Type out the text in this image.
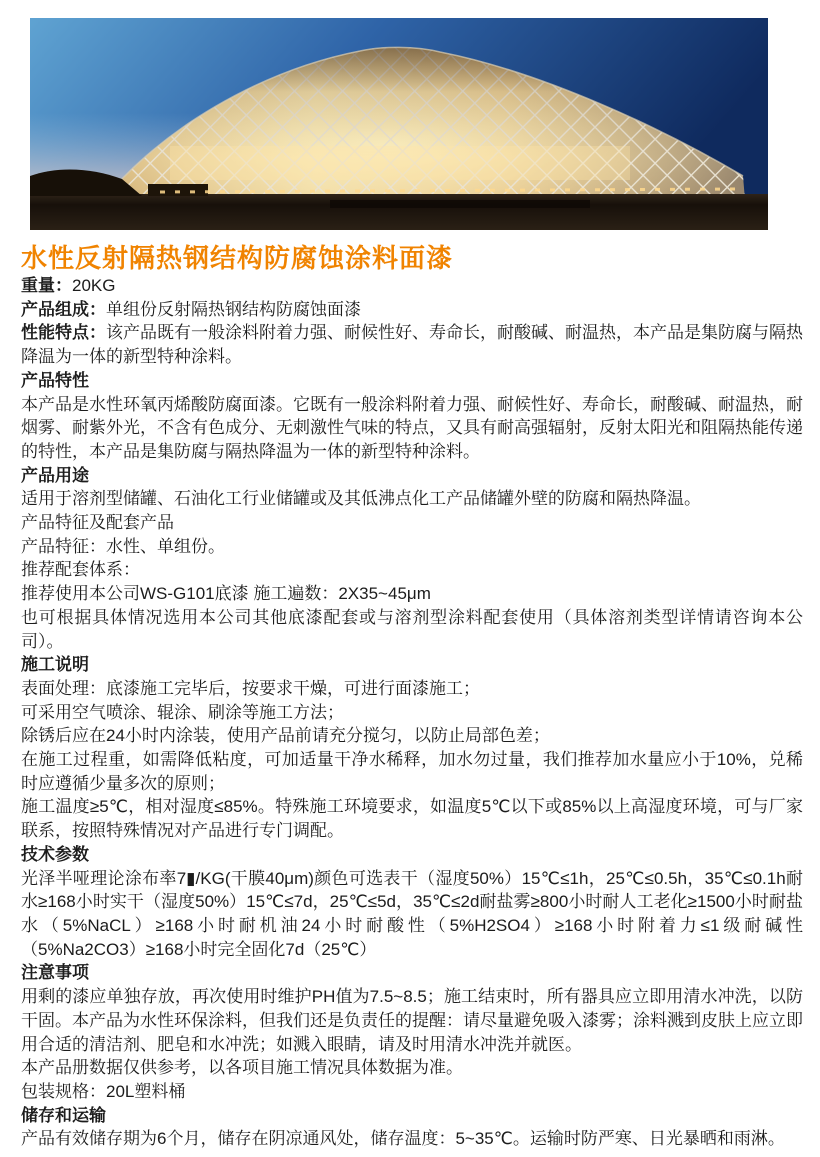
水性反射隔热钢结构防腐蚀涂料面漆

重量：20KG

产品组成：单组份反射隔热钢结构防腐蚀面漆

性能特点：该产品既有一般涂料附着力强、耐候性好、寿命长，耐酸碱、耐温热，本产品是集防腐与隔热降温为一体的新型特种涂料。

产品特性

本产品是水性环氧丙烯酸防腐面漆。它既有一般涂料附着力强、耐候性好、寿命长，耐酸碱、耐温热，耐烟雾、耐紫外光，不含有色成分、无刺激性气味的特点，又具有耐高强辐射，反射太阳光和阻隔热能传递的特性，本产品是集防腐与隔热降温为一体的新型特种涂料。

产品用途

适用于溶剂型储罐、石油化工行业储罐或及其低沸点化工产品储罐外壁的防腐和隔热降温。

产品特征及配套产品

产品特征：水性、单组份。

推荐配套体系：

推荐使用本公司WS-G101底漆 施工遍数：2X35~45μm

也可根据具体情况选用本公司其他底漆配套或与溶剂型涂料配套使用（具体溶剂类型详情请咨询本公司）。

施工说明

表面处理：底漆施工完毕后，按要求干燥，可进行面漆施工；

可采用空气喷涂、辊涂、刷涂等施工方法；

除锈后应在24小时内涂装，使用产品前请充分搅匀，以防止局部色差；

在施工过程重，如需降低粘度，可加适量干净水稀释，加水勿过量，我们推荐加水量应小于10%，兑稀时应遵循少量多次的原则；

施工温度≥5℃，相对湿度≤85%。特殊施工环境要求，如温度5℃以下或85%以上高湿度环境，可与厂家联系，按照特殊情况对产品进行专门调配。

技术参数

光泽半哑理论涂布率7▮/KG(干膜40μm)颜色可选表干（湿度50%）15℃≤1h，25℃≤0.5h，35℃≤0.1h耐水≥168小时实干（湿度50%）15℃≤7d，25℃≤5d，35℃≤2d耐盐雾≥800小时耐人工老化≥1500小时耐盐水（5%NaCL）≥168小时耐机油24小时耐酸性（5%H2SO4）≥168小时附着力≤1级耐碱性（5%Na2CO3）≥168小时完全固化7d（25℃）

注意事项

用剩的漆应单独存放，再次使用时维护PH值为7.5~8.5；施工结束时，所有器具应立即用清水冲洗，以防干固。本产品为水性环保涂料，但我们还是负责任的提醒：请尽量避免吸入漆雾；涂料溅到皮肤上应立即用合适的清洁剂、肥皂和水冲洗；如溅入眼睛，请及时用清水冲洗并就医。

本产品册数据仅供参考，以各项目施工情况具体数据为准。

包装规格：20L塑料桶

储存和运输

产品有效储存期为6个月，储存在阴凉通风处，储存温度：5~35℃。运输时防严寒、日光暴晒和雨淋。
